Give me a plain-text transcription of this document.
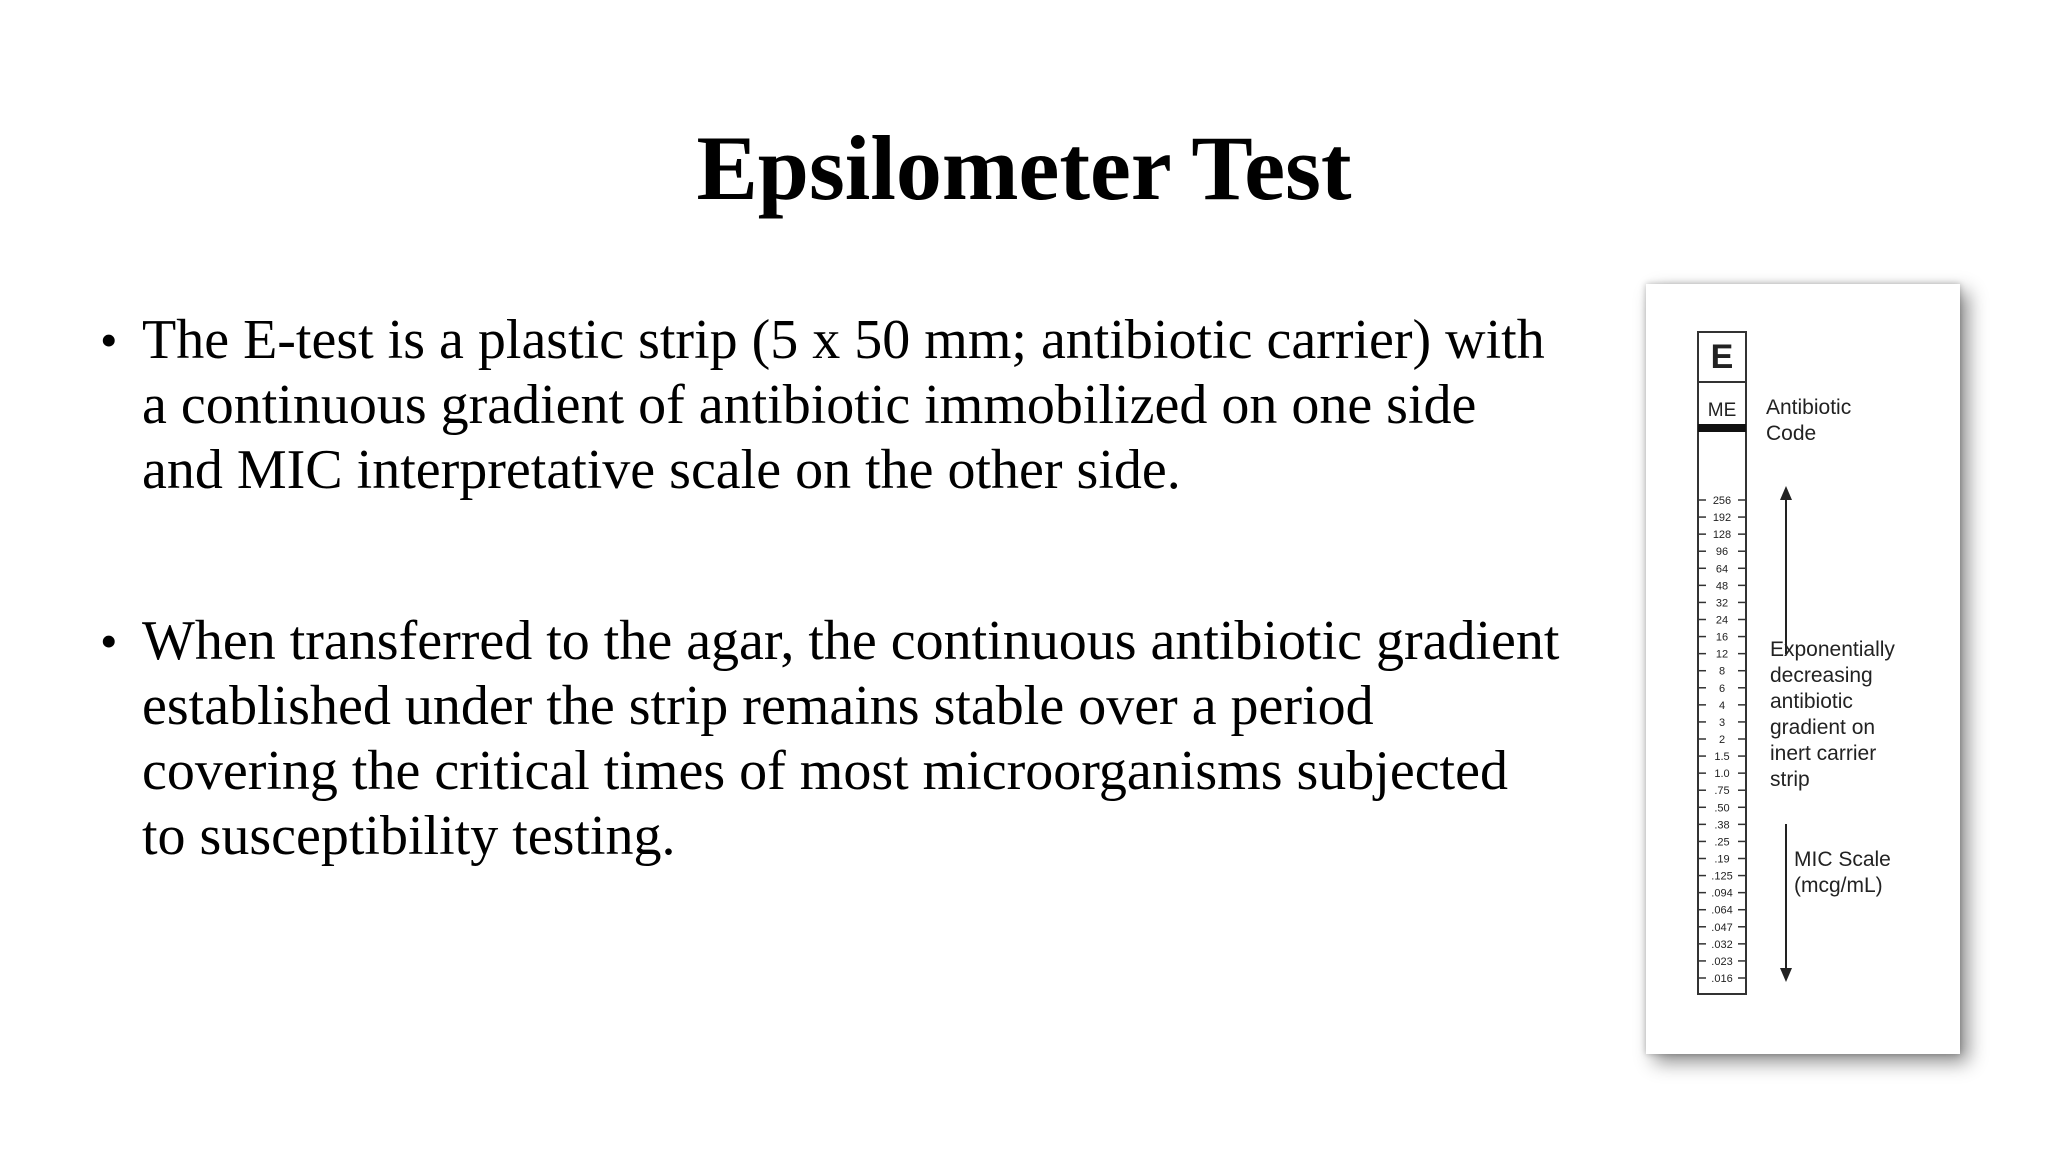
Epsilometer Test
• The E-test is a plastic strip (5 x 50 mm; antibiotic carrier) with a continuous gradient of antibiotic immobilized on one side and MIC interpretative scale on the other side.
• When transferred to the agar, the continuous antibiotic gradient established under the strip remains stable over a period covering the critical times of most microorganisms subjected to susceptibility testing.
E
ME
256
192
128
96
64
48
32
24
16
12
8
6
4
3
2
1.5
1.0
.75
.50
.38
.25
.19
.125
.094
.064
.047
.032
.023
.016
Antibiotic Code
Exponentially decreasing antibiotic gradient on inert carrier strip
MIC Scale (mcg/mL)
